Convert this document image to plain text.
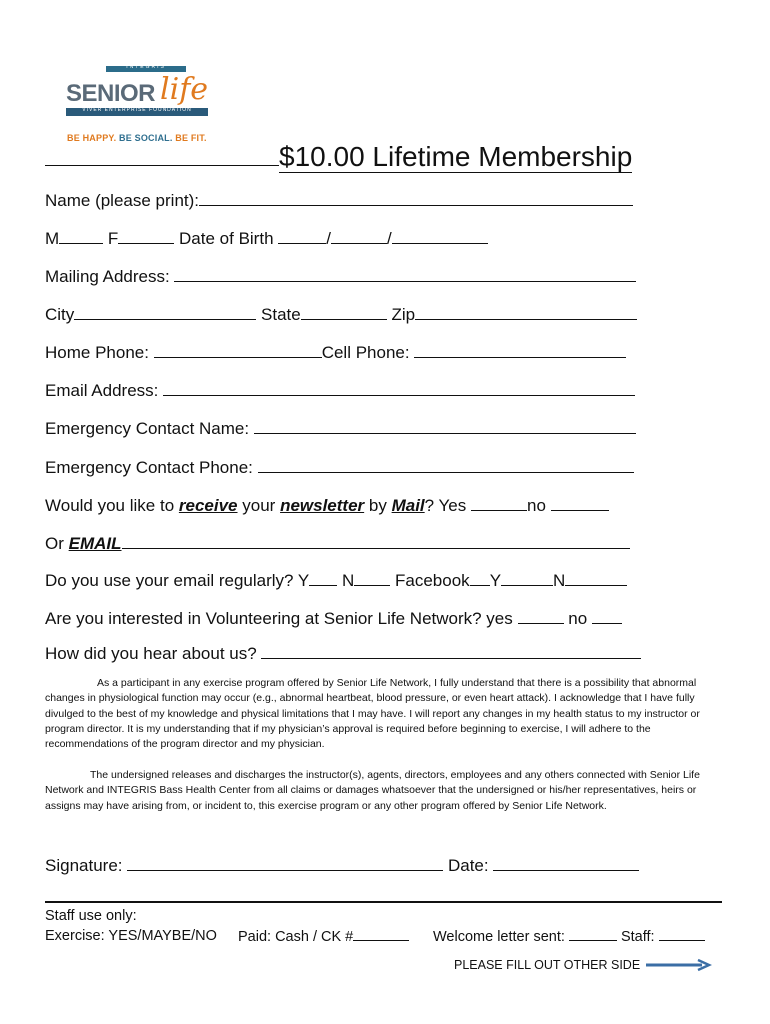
INTEGRIS
SENIOR life
VIVER ENTERPRISE FOUNDATION
BE HAPPY. BE SOCIAL. BE FIT.
$10.00 Lifetime Membership
Name (please print):
M	F	Date of Birth	/	/
Mailing Address:
City	State	Zip
Home Phone:	Cell Phone:
Email Address:
Emergency Contact Name:
Emergency Contact Phone:
Would you like to receive your newsletter by Mail? Yes	no
Or EMAIL
Do you use your email regularly? Y N Facebook Y	N
Are you interested in Volunteering at Senior Life Network? yes	no
How did you hear about us?
As a participant in any exercise program offered by Senior Life Network, I fully understand that there is a possibility that abnormal changes in physiological function may occur (e.g., abnormal heartbeat, blood pressure, or even heart attack). I acknowledge that I have fully divulged to the best of my knowledge and physical limitations that I may have. I will report any changes in my health status to my instructor or program director. It is my understanding that if my physician’s approval is required before beginning to exercise, I will adhere to the recommendations of the program director and my physician.
The undersigned releases and discharges the instructor(s), agents, directors, employees and any others connected with Senior Life Network and INTEGRIS Bass Health Center from all claims or damages whatsoever that the undersigned or his/her representatives, heirs or assigns may have arising from, or incident to, this exercise program or any other program offered by Senior Life Network.
Signature:	Date:
Staff use only:
Exercise: YES/MAYBE/NO Paid: Cash / CK #	Welcome letter sent:	Staff:
PLEASE FILL OUT OTHER SIDE
